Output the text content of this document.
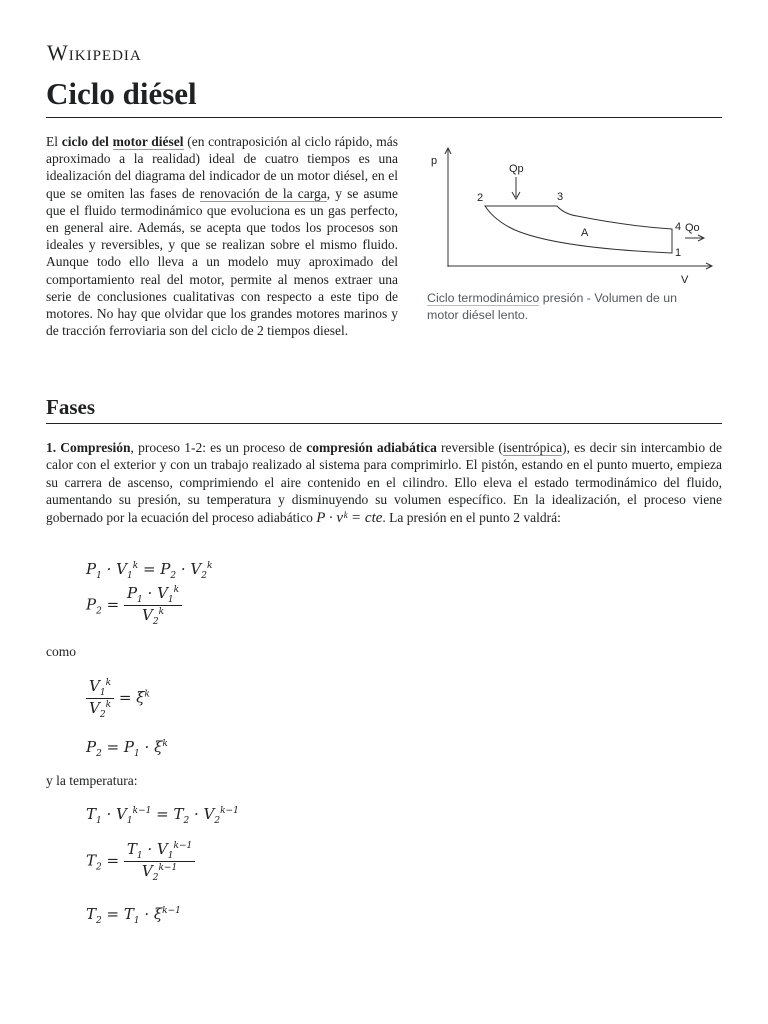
Wikipedia
Ciclo diésel

El ciclo del motor diésel (en contraposición al ciclo rápido, más aproximado a la realidad) ideal de cuatro tiempos es una idealización del diagrama del indicador de un motor diésel, en el que se omiten las fases de renovación de la carga, y se asume que el fluido termodinámico que evoluciona es un gas perfecto, en general aire. Además, se acepta que todos los procesos son ideales y reversibles, y que se realizan sobre el mismo fluido. Aunque todo ello lleva a un modelo muy aproximado del comportamiento real del motor, permite al menos extraer una serie de conclusiones cualitativas con respecto a este tipo de motores. No hay que olvidar que los grandes motores marinos y de tracción ferroviaria son del ciclo de 2 tiempos diesel.

p
V
Qp
Qo
A
2	3
4
1
Ciclo termodinámico presión - Volumen de un motor diésel lento.
Fases

1. Compresión, proceso 1-2: es un proceso de compresión adiabática reversible (isentrópica), es decir sin intercambio de calor con el exterior y con un trabajo realizado al sistema para comprimirlo. El pistón, estando en el punto muerto, empieza su carrera de ascenso, comprimiendo el aire contenido en el cilindro. Ello eleva el estado termodinámico del fluido, aumentando su presión, su temperatura y disminuyendo su volumen específico. En la idealización, el proceso viene gobernado por la ecuación del proceso adiabático P · vᵏ = cte. La presión en el punto 2 valdrá:

$P_1 \cdot V_1^k = P_2 \cdot V_2^k$
$P_2 = \frac{P_1 \cdot V_1^k}{V_2^k}$
como
$\frac{V_1^k}{V_2^k} = \xi^k$
$P_2 = P_1 \cdot \xi^k$
y la temperatura:
$T_1 \cdot V_1^{k-1} = T_2 \cdot V_2^{k-1}$
$T_2 = \frac{T_1 \cdot V_1^{k-1}}{V_2^{k-1}}$
$T_2 = T_1 \cdot \xi^{k-1}$
